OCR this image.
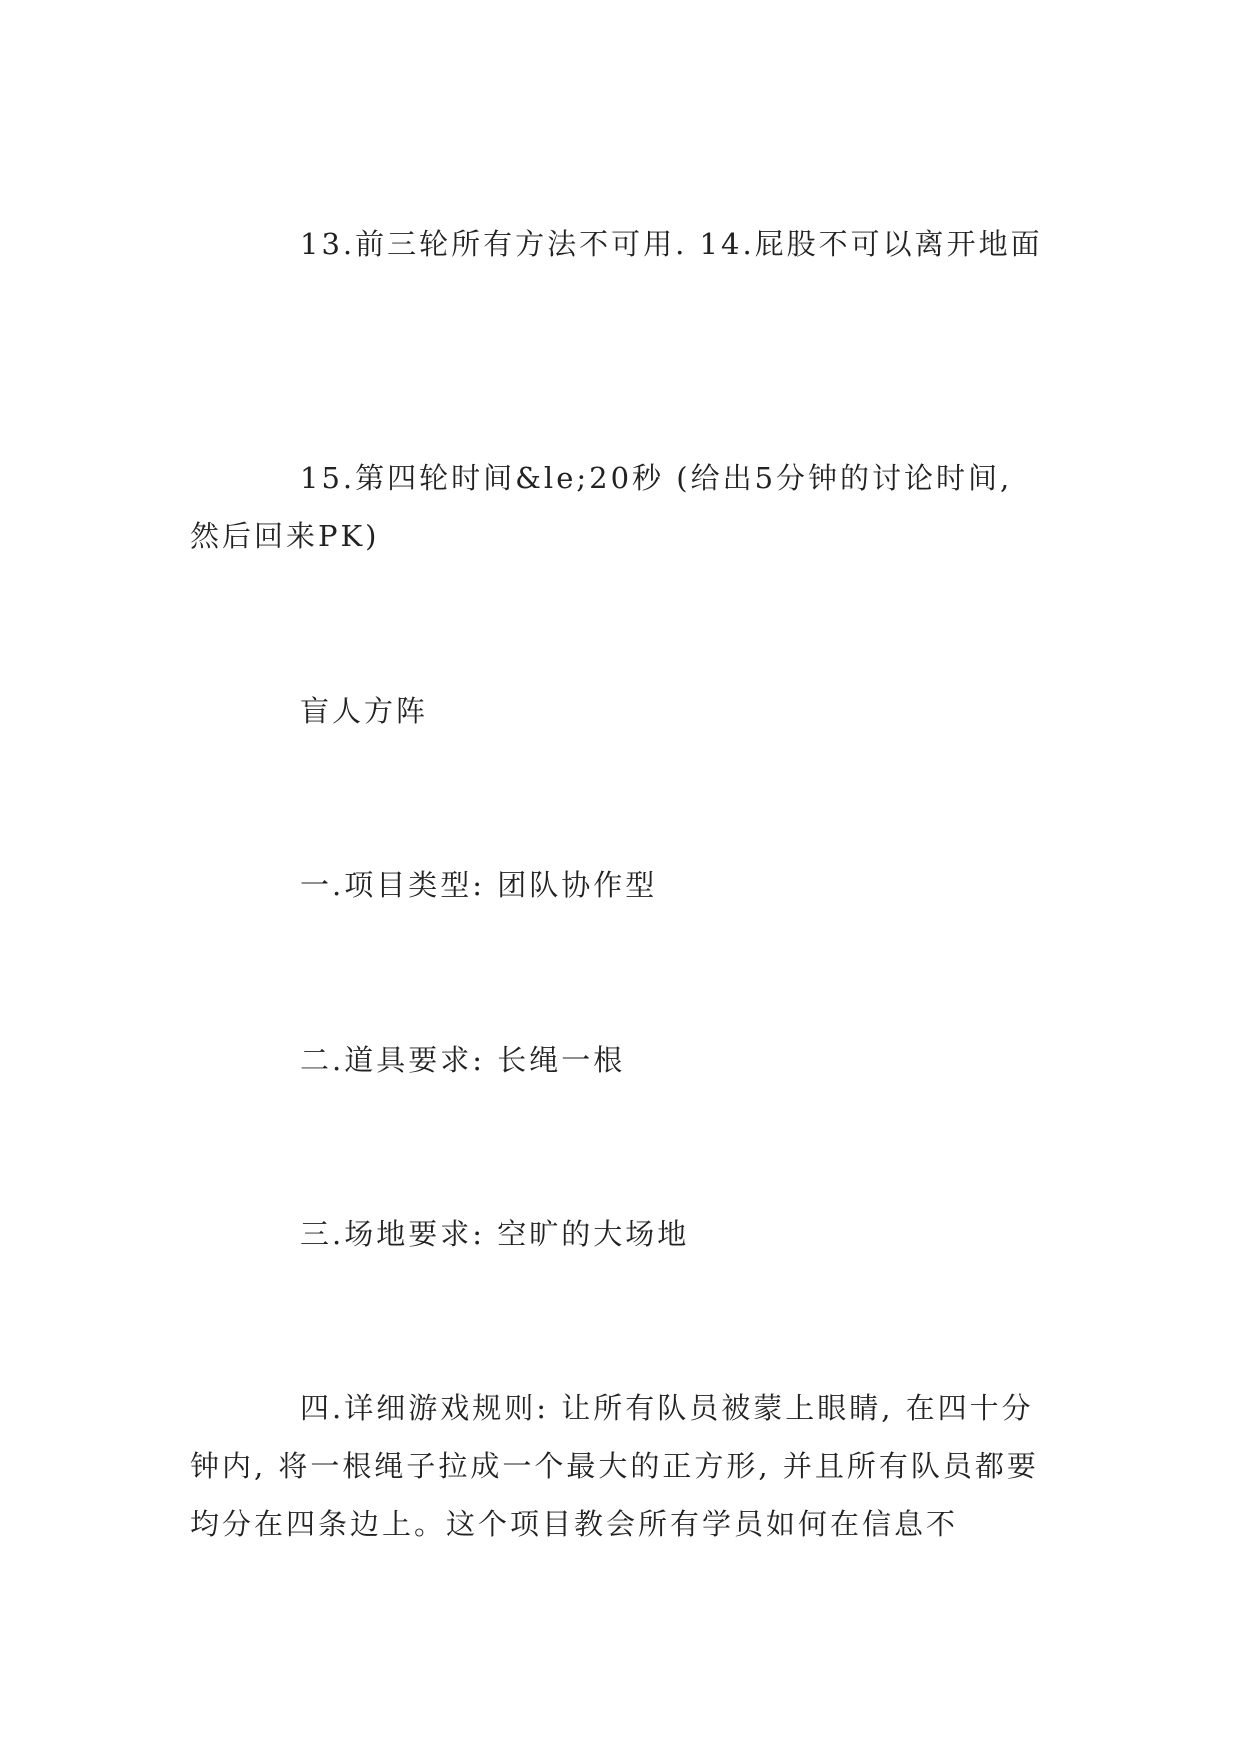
13.前三轮所有方法不可用. 14.屁股不可以离开地面

15.第四轮时间&le;20秒 (给出5分钟的讨论时间, 然后回来PK)

盲人方阵

一.项目类型: 团队协作型

二.道具要求: 长绳一根

三.场地要求: 空旷的大场地

四.详细游戏规则: 让所有队员被蒙上眼睛, 在四十分钟内, 将一根绳子拉成一个最大的正方形, 并且所有队员都要均分在四条边上。这个项目教会所有学员如何在信息不
